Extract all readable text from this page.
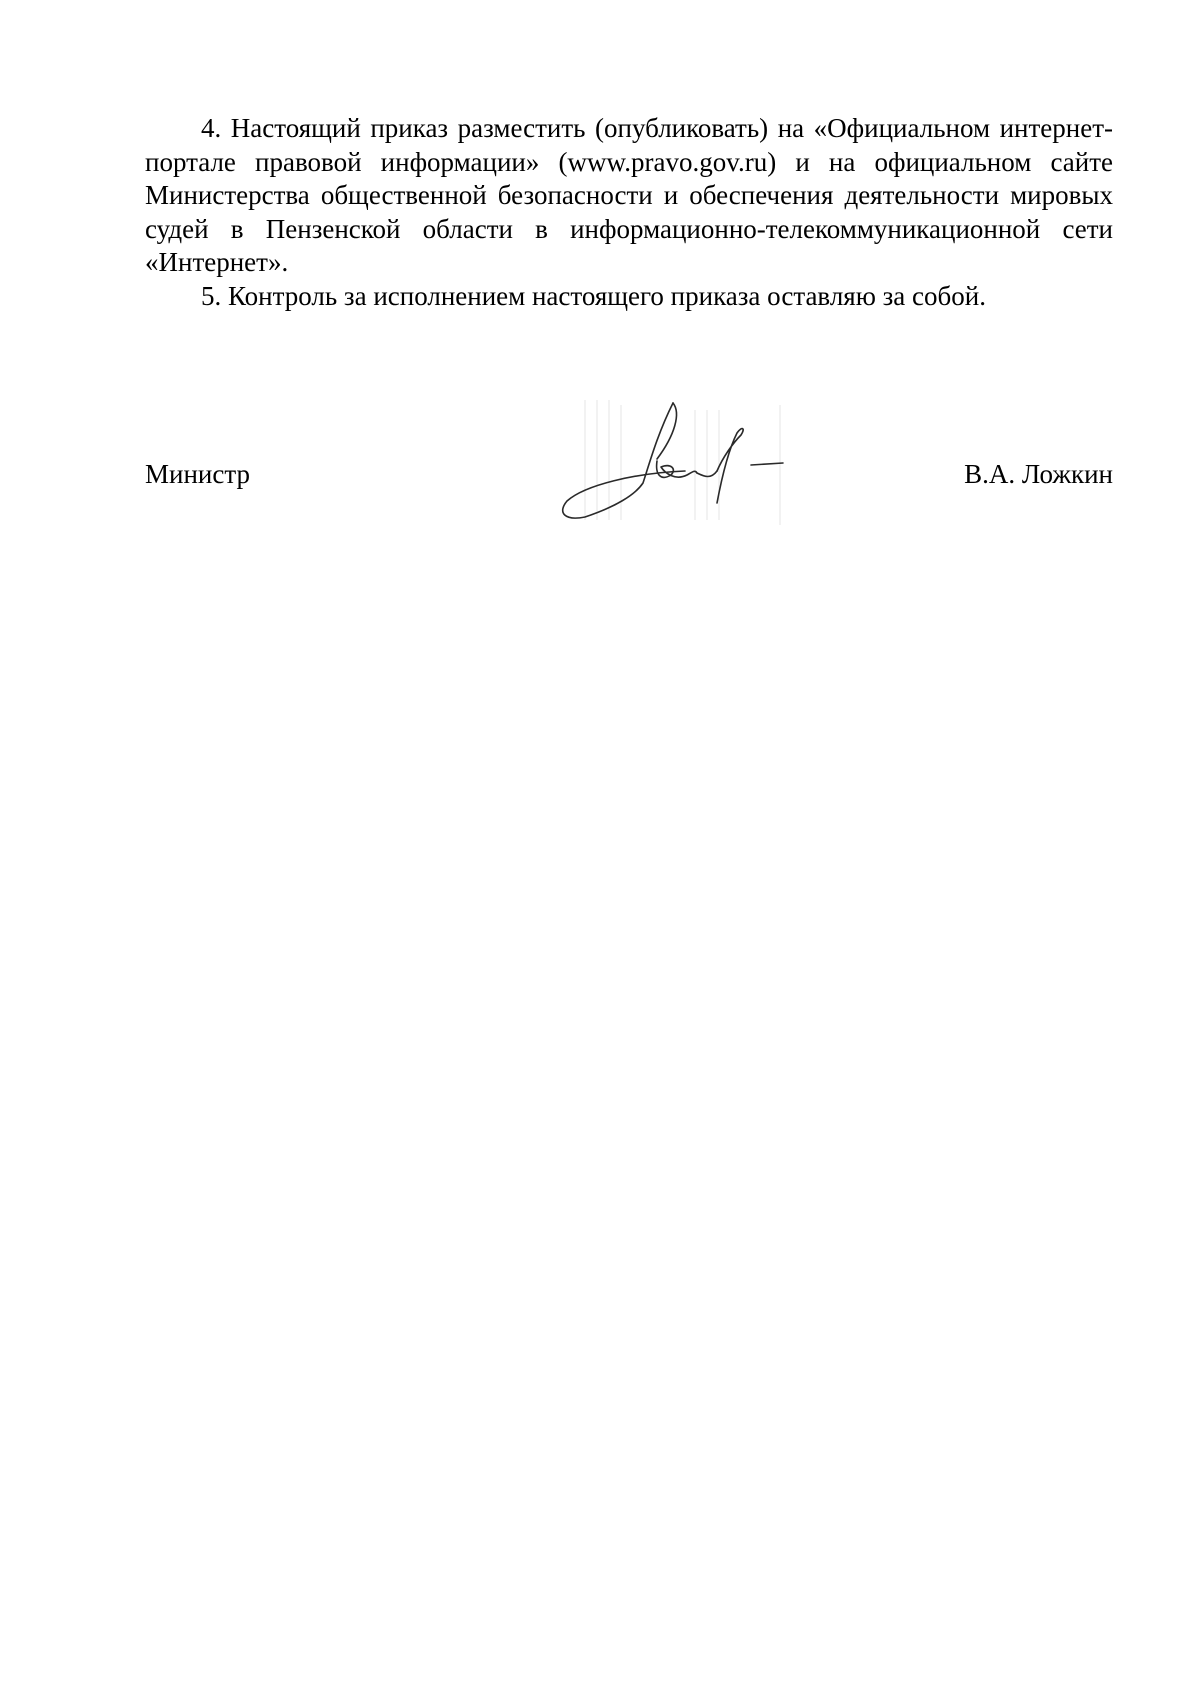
4. Настоящий приказ разместить (опубликовать) на «Официальном интернет-портале правовой информации» (www.pravo.gov.ru) и на официальном сайте Министерства общественной безопасности и обеспечения деятельности мировых судей в Пензенской области в информационно-телекоммуникационной сети «Интернет».

5. Контроль за исполнением настоящего приказа оставляю за собой.

Министр	В.А. Ложкин
